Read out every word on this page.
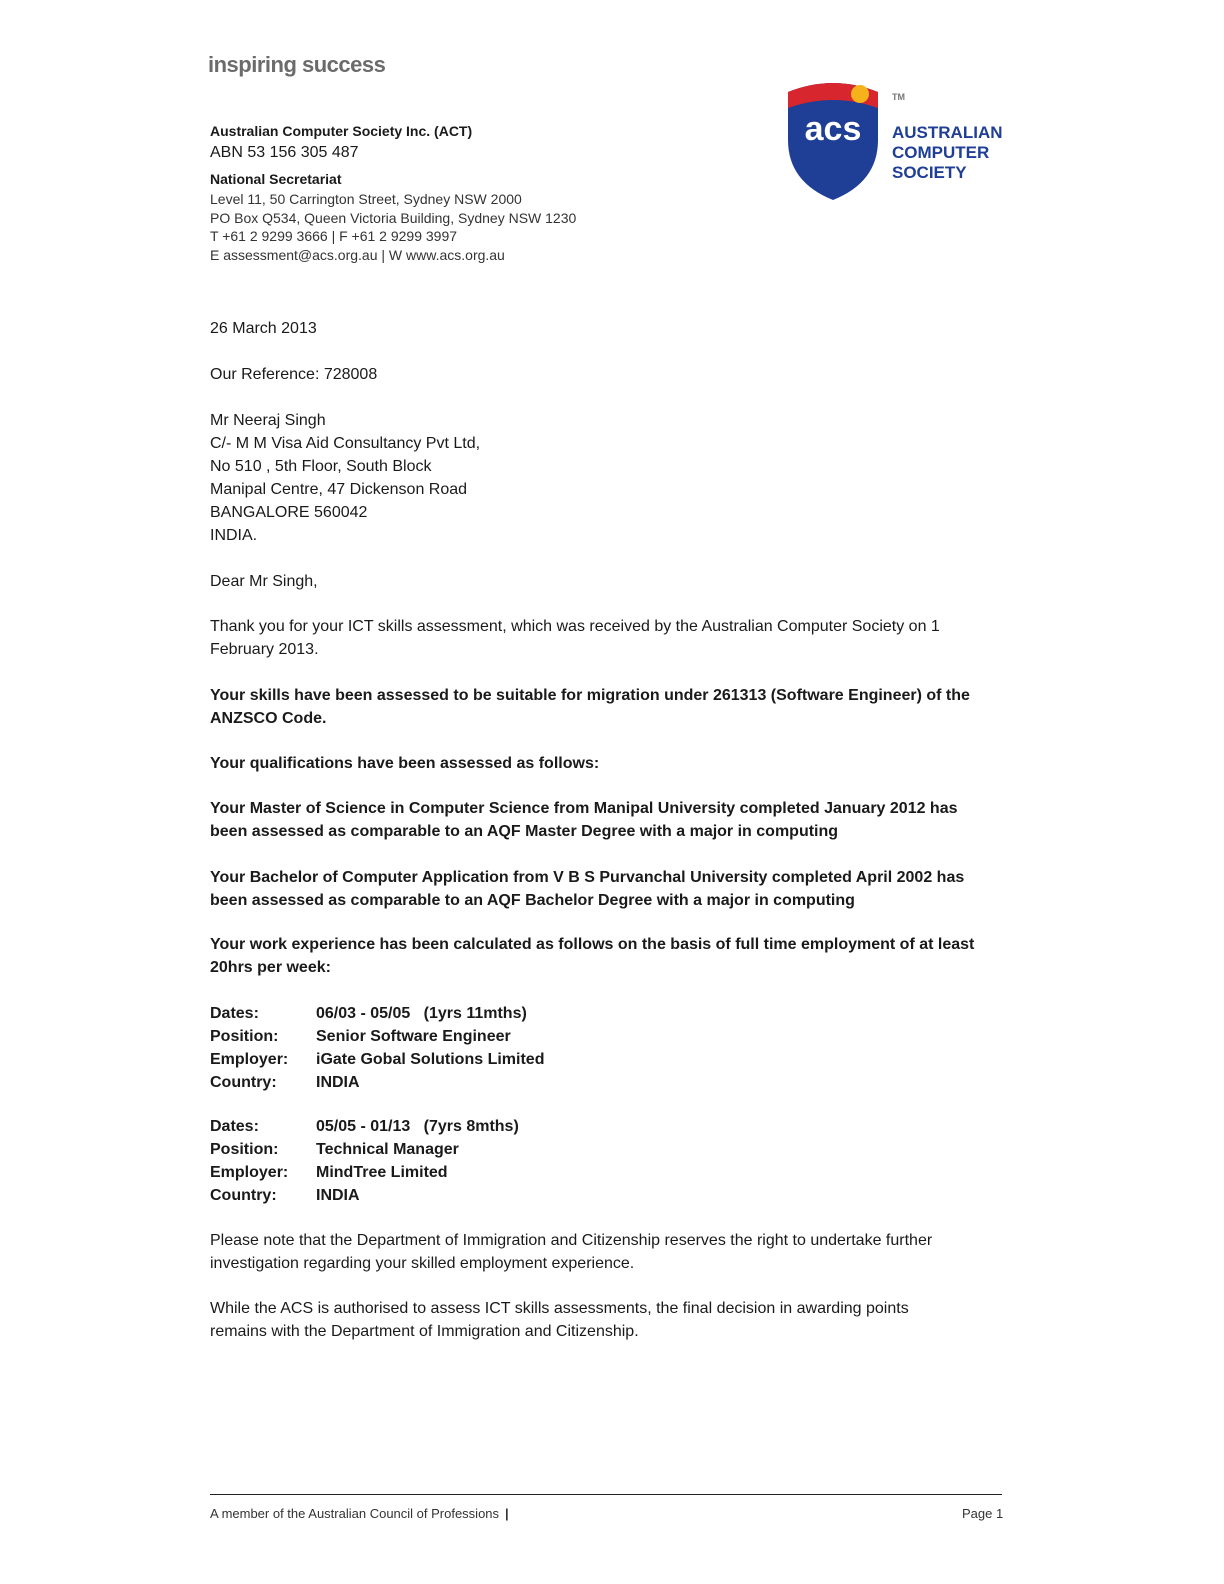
inspiring success
Australian Computer Society Inc. (ACT)
ABN 53 156 305 487
National Secretariat
Level 11, 50 Carrington Street, Sydney NSW 2000
PO Box Q534, Queen Victoria Building, Sydney NSW 1230
T +61 2 9299 3666 | F +61 2 9299 3997
E assessment@acs.org.au | W www.acs.org.au
acs
TM
AUSTRALIAN
COMPUTER
SOCIETY
26 March 2013
Our Reference: 728008
Mr Neeraj Singh
C/- M M Visa Aid Consultancy Pvt Ltd,
No 510 , 5th Floor, South Block
Manipal Centre, 47 Dickenson Road
BANGALORE 560042
INDIA.
Dear Mr Singh,
Thank you for your ICT skills assessment, which was received by the Australian Computer Society on 1
February 2013.
Your skills have been assessed to be suitable for migration under 261313 (Software Engineer) of the
ANZSCO Code.
Your qualifications have been assessed as follows:
Your Master of Science in Computer Science from Manipal University completed January 2012 has
been assessed as comparable to an AQF Master Degree with a major in computing
Your Bachelor of Computer Application from V B S Purvanchal University completed April 2002 has
been assessed as comparable to an AQF Bachelor Degree with a major in computing
Your work experience has been calculated as follows on the basis of full time employment of at least
20hrs per week:
Dates:	06/03 - 05/05   (1yrs 11mths)
Position: Senior Software Engineer
Employer: iGate Gobal Solutions Limited
Country: INDIA
Dates:	05/05 - 01/13   (7yrs 8mths)
Position: Technical Manager
Employer: MindTree Limited
Country: INDIA
Please note that the Department of Immigration and Citizenship reserves the right to undertake further
investigation regarding your skilled employment experience.
While the ACS is authorised to assess ICT skills assessments, the final decision in awarding points
remains with the Department of Immigration and Citizenship.
A member of the Australian Council of Professions |	Page 1
